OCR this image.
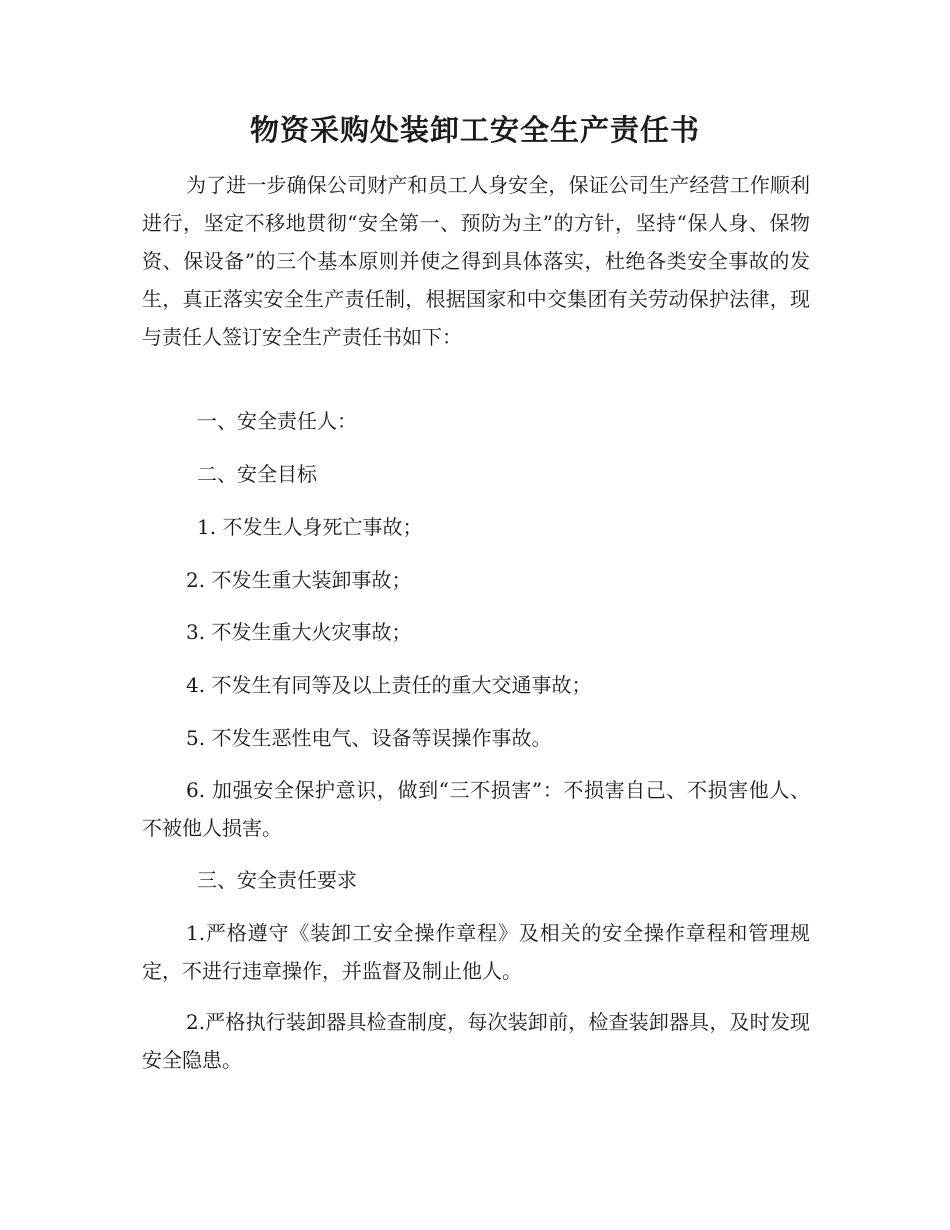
物资采购处装卸工安全生产责任书

为了进一步确保公司财产和员工人身安全，保证公司生产经营工作顺利进行，坚定不移地贯彻“安全第一、预防为主”的方针，坚持“保人身、保物资、保设备”的三个基本原则并使之得到具体落实，杜绝各类安全事故的发生，真正落实安全生产责任制，根据国家和中交集团有关劳动保护法律，现与责任人签订安全生产责任书如下：

一、安全责任人：

二、安全目标

1. 不发生人身死亡事故；

2. 不发生重大装卸事故；

3. 不发生重大火灾事故；

4. 不发生有同等及以上责任的重大交通事故；

5. 不发生恶性电气、设备等误操作事故。

6. 加强安全保护意识，做到“三不损害”：不损害自己、不损害他人、不被他人损害。

三、安全责任要求

1.严格遵守《装卸工安全操作章程》及相关的安全操作章程和管理规定，不进行违章操作，并监督及制止他人。

2.严格执行装卸器具检查制度，每次装卸前，检查装卸器具，及时发现安全隐患。
